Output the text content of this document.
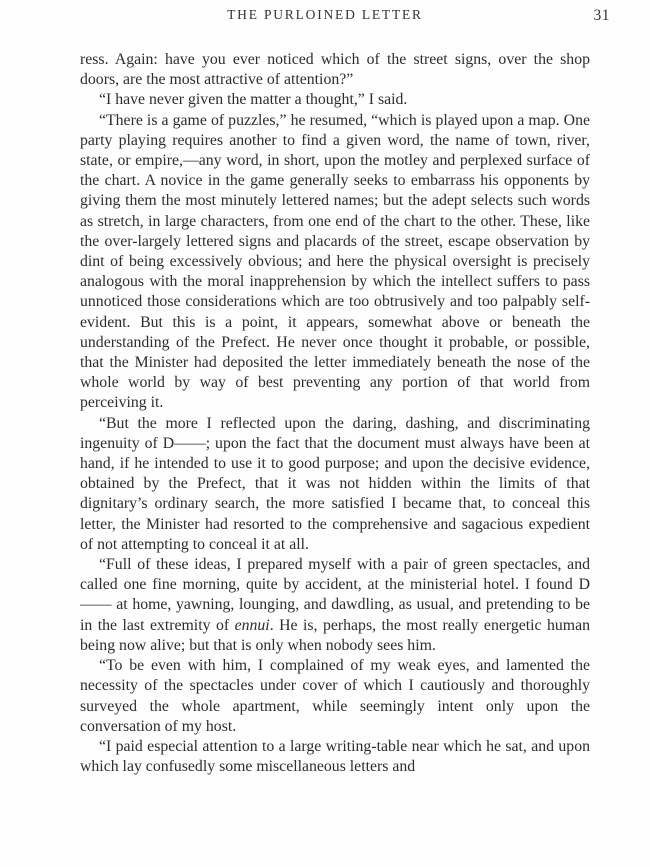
THE PURLOINED LETTER	31

ress. Again: have you ever noticed which of the street signs, over the shop doors, are the most attractive of attention?”

“I have never given the matter a thought,” I said.

“There is a game of puzzles,” he resumed, “which is played upon a map. One party playing requires another to find a given word, the name of town, river, state, or empire,—any word, in short, upon the motley and perplexed surface of the chart. A novice in the game generally seeks to embarrass his opponents by giving them the most minutely lettered names; but the adept selects such words as stretch, in large characters, from one end of the chart to the other. These, like the over-largely lettered signs and placards of the street, escape observation by dint of being excessively obvious; and here the physical oversight is precisely analogous with the moral inapprehension by which the intellect suffers to pass unnoticed those considerations which are too obtrusively and too palpably self-evident. But this is a point, it appears, somewhat above or beneath the understanding of the Prefect. He never once thought it probable, or possible, that the Minister had deposited the letter immediately beneath the nose of the whole world by way of best preventing any portion of that world from perceiving it.

“But the more I reflected upon the daring, dashing, and discriminating ingenuity of D——; upon the fact that the document must always have been at hand, if he intended to use it to good purpose; and upon the decisive evidence, obtained by the Prefect, that it was not hidden within the limits of that dignitary’s ordinary search, the more satisfied I became that, to conceal this letter, the Minister had resorted to the comprehensive and sagacious expedient of not attempting to conceal it at all.

“Full of these ideas, I prepared myself with a pair of green spectacles, and called one fine morning, quite by accident, at the ministerial hotel. I found D—— at home, yawning, lounging, and dawdling, as usual, and pretending to be in the last extremity of ennui. He is, perhaps, the most really energetic human being now alive; but that is only when nobody sees him.

“To be even with him, I complained of my weak eyes, and lamented the necessity of the spectacles under cover of which I cautiously and thoroughly surveyed the whole apartment, while seemingly intent only upon the conversation of my host.

“I paid especial attention to a large writing-table near which he sat, and upon which lay confusedly some miscellaneous letters and
